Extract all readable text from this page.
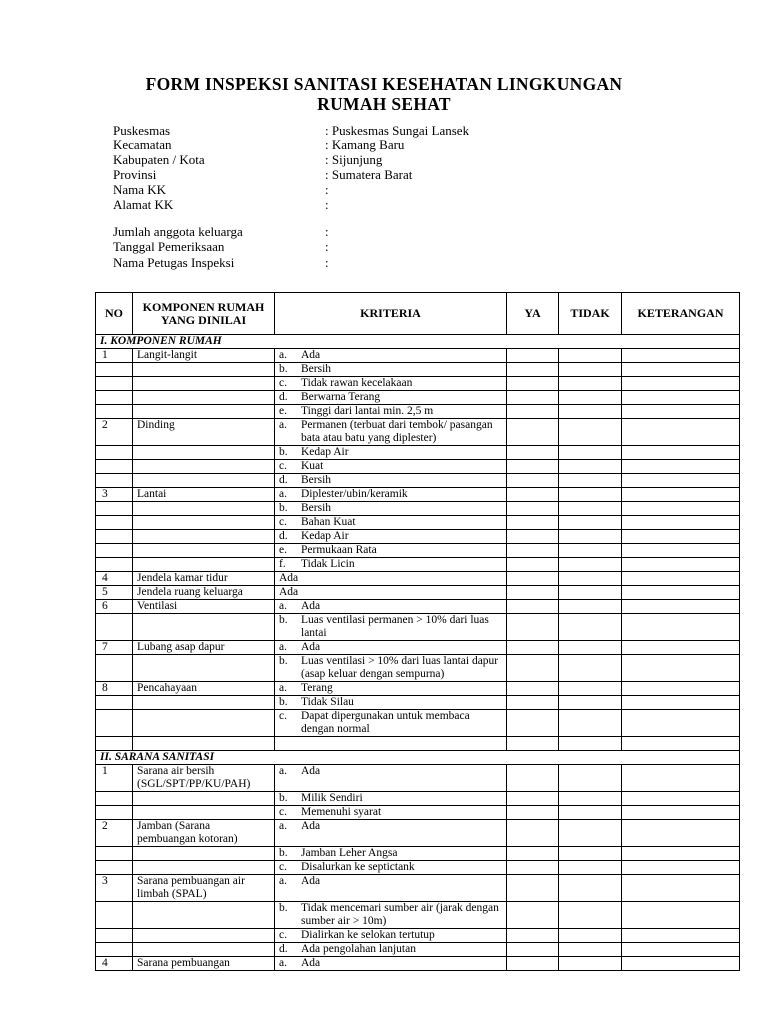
FORM INSPEKSI SANITASI KESEHATAN LINGKUNGAN
RUMAH SEHAT
Puskesmas	: Puskesmas Sungai Lansek
Kecamatan	: Kamang Baru
Kabupaten / Kota	: Sijunjung
Provinsi	: Sumatera Barat
Nama KK	:
Alamat KK	:
Jumlah anggota keluarga	:
Tanggal Pemeriksaan	:
Nama Petugas Inspeksi	:
NO	KOMPONEN RUMAH YANG DINILAI	KRITERIA	YA	TIDAK	KETERANGAN
I. KOMPONEN RUMAH					
1	Langit-langit	a. Ada			

		b. Bersih			

		c. Tidak rawan kecelakaan			

		d. Berwarna Terang			

		e. Tinggi dari lantai min. 2,5 m			

2	Dinding	a. Permanen (terbuat dari tembok/ pasangan bata atau batu yang diplester)			

		b. Kedap Air			

		c. Kuat			

		d. Bersih			

3	Lantai	a. Diplester/ubin/keramik			

		b. Bersih			

		c. Bahan Kuat			

		d. Kedap Air			

		e. Permukaan Rata			

		f. Tidak Licin			

4	Jendela kamar tidur	Ada			

5	Jendela ruang keluarga	Ada			

6	Ventilasi	a. Ada			

		b. Luas ventilasi permanen > 10% dari luas lantai			

7	Lubang asap dapur	a. Ada			

		b. Luas ventilasi > 10% dari luas lantai dapur (asap keluar dengan sempurna)			

8	Pencahayaan	a. Terang			

		b. Tidak Silau			

		c. Dapat dipergunakan untuk membaca dengan normal			

II. SARANA SANITASI					
1	Sarana air bersih (SGL/SPT/PP/KU/PAH)	a. Ada			

		b. Milik Sendiri			

		c. Memenuhi syarat			

2	Jamban (Sarana pembuangan kotoran)	a. Ada			

		b. Jamban Leher Angsa			

		c. Disalurkan ke septictank			

3	Sarana pembuangan air limbah (SPAL)	a. Ada			

		b. Tidak mencemari sumber air (jarak dengan sumber air > 10m)			

		c. Dialirkan ke selokan tertutup			

		d. Ada pengolahan lanjutan			

4	Sarana pembuangan	a. Ada			
